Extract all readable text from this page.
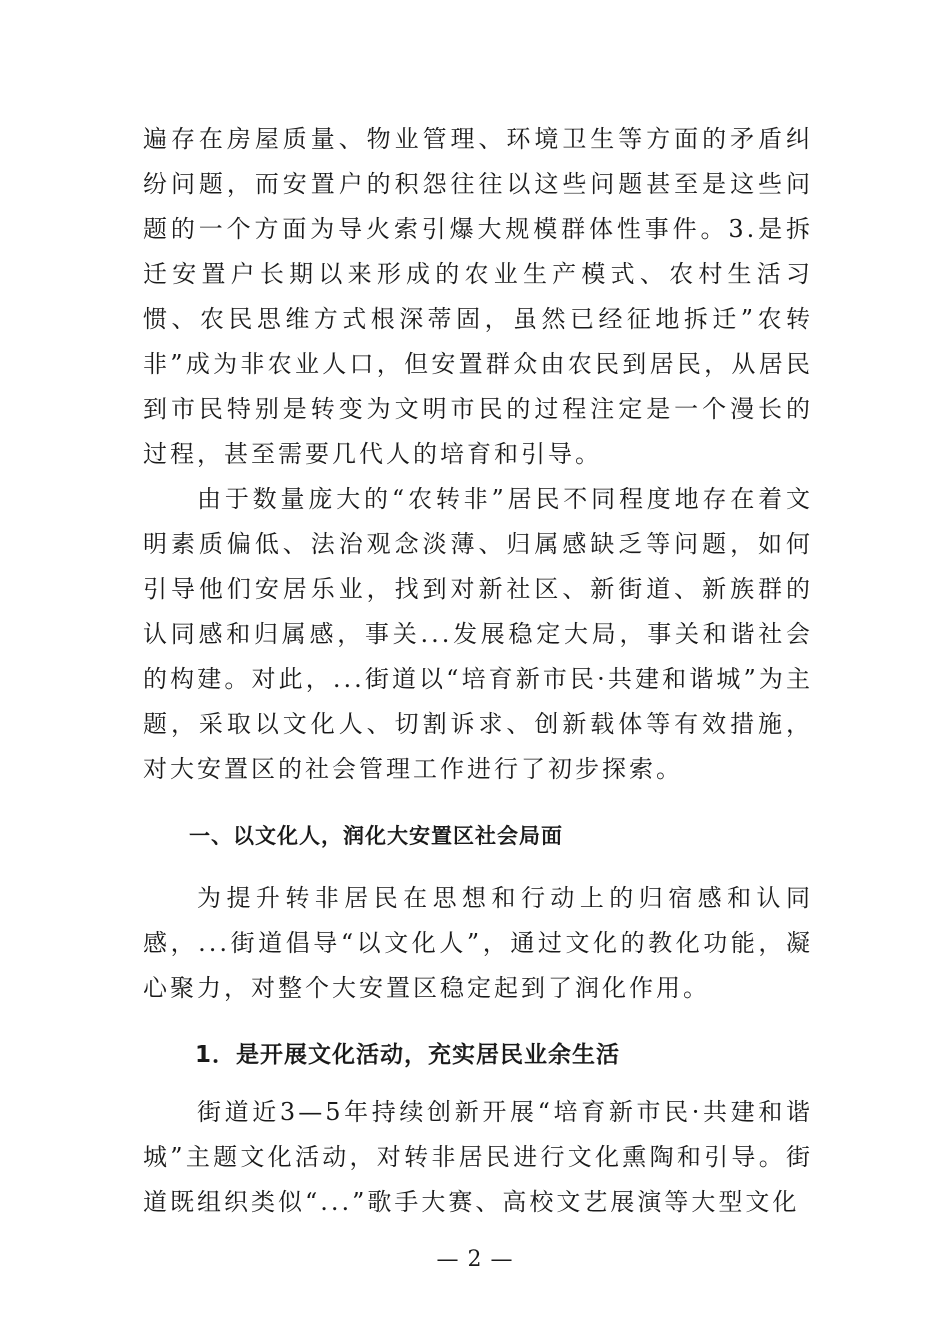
遍存在房屋质量、物业管理、环境卫生等方面的矛盾纠纷问题，而安置户的积怨往往以这些问题甚至是这些问题的一个方面为导火索引爆大规模群体性事件。3.是拆迁安置户长期以来形成的农业生产模式、农村生活习惯、农民思维方式根深蒂固，虽然已经征地拆迁”农转非”成为非农业人口，但安置群众由农民到居民，从居民到市民特别是转变为文明市民的过程注定是一个漫长的过程，甚至需要几代人的培育和引导。

由于数量庞大的“农转非”居民不同程度地存在着文明素质偏低、法治观念淡薄、归属感缺乏等问题，如何引导他们安居乐业，找到对新社区、新街道、新族群的认同感和归属感，事关...发展稳定大局，事关和谐社会的构建。对此，...街道以“培育新市民·共建和谐城”为主题，采取以文化人、切割诉求、创新载体等有效措施，对大安置区的社会管理工作进行了初步探索。

一、以文化人，润化大安置区社会局面

为提升转非居民在思想和行动上的归宿感和认同感，...街道倡导“以文化人”，通过文化的教化功能，凝心聚力，对整个大安置区稳定起到了润化作用。

1．是开展文化活动，充实居民业余生活

街道近3—5年持续创新开展“培育新市民·共建和谐城”主题文化活动，对转非居民进行文化熏陶和引导。街道既组织类似“...”歌手大赛、高校文艺展演等大型文化

— 2 —
